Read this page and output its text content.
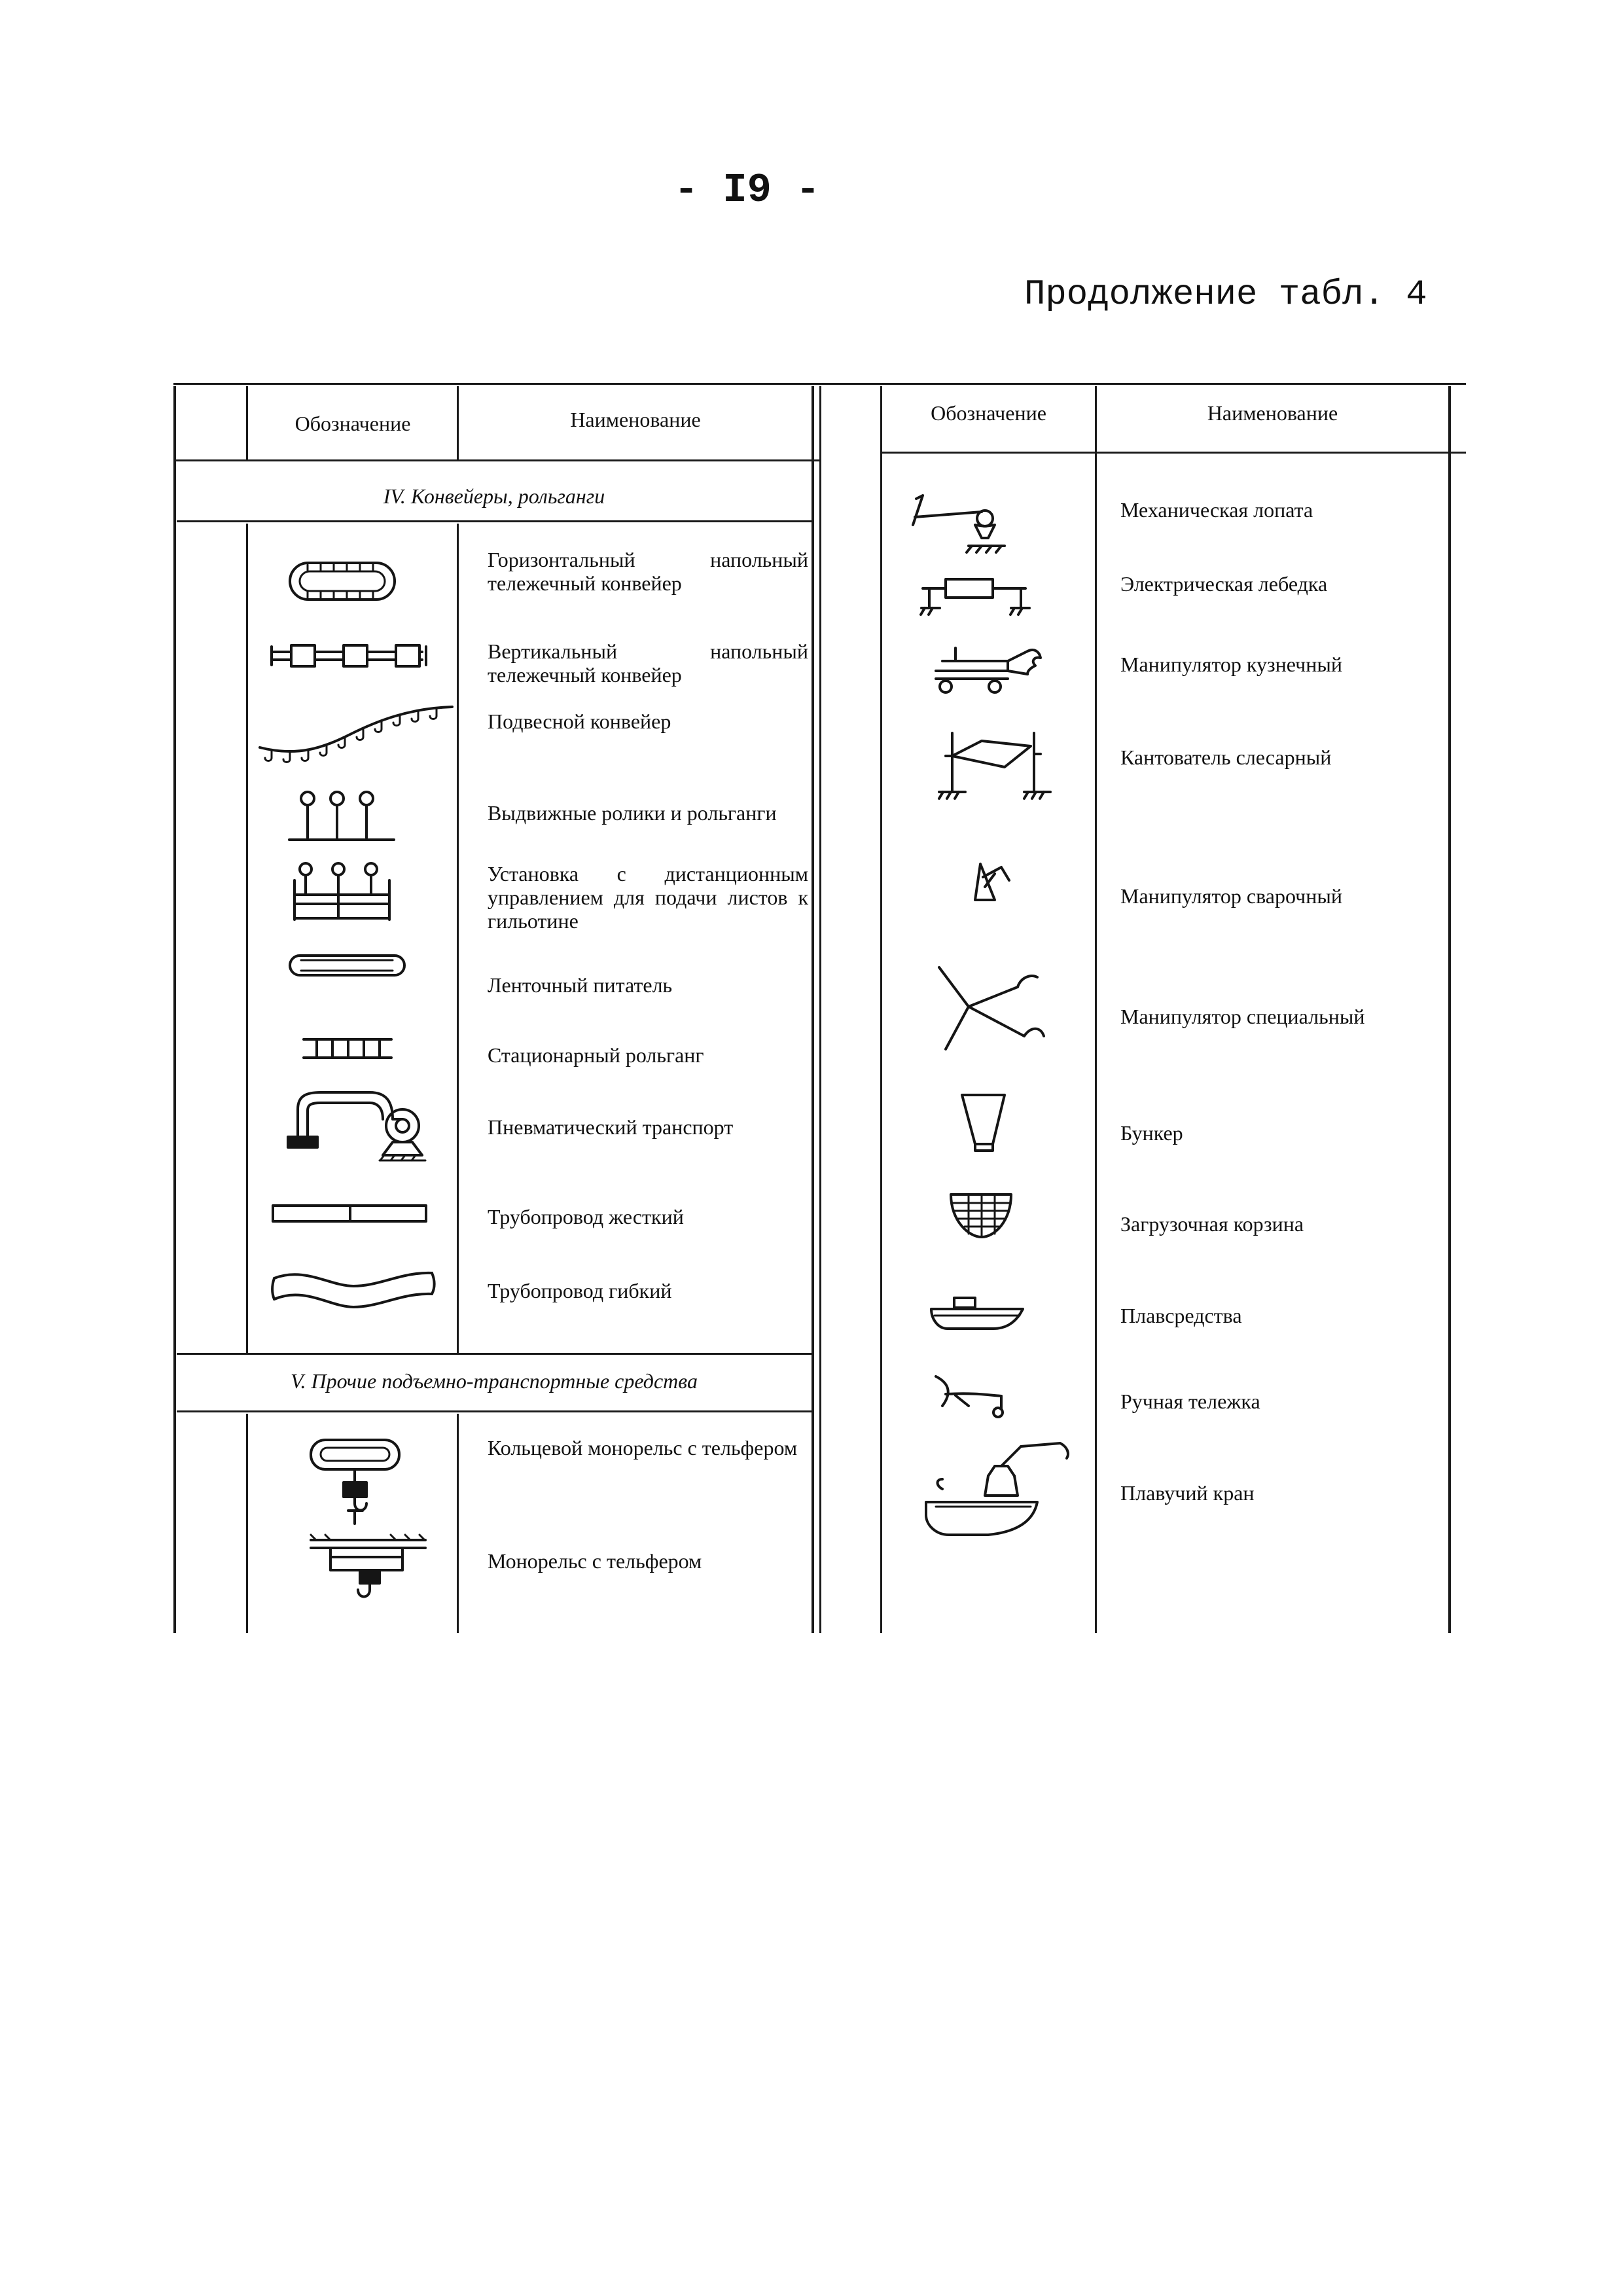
- I9 -
Продолжение табл. 4
Обозначение	Наименование	Обозначение	Наименование
IV. Конвейеры, рольганги
V. Прочие подъемно-транспортные средства
Горизонтальный напольный тележечный конвейер
Вертикальный напольный тележечный конвейер
Подвесной конвейер
Выдвижные ролики и рольганги
Установка с дистанционным управлением для подачи листов к гильотине
Ленточный питатель
Стационарный рольганг
Пневматический транспорт
Трубопровод жесткий
Трубопровод гибкий
Кольцевой монорельс с тельфером
Монорельс с тельфером
Механическая лопата
Электрическая лебедка
Манипулятор кузнечный
Кантователь слесарный
Манипулятор сварочный
Манипулятор специальный
Бункер
Загрузочная корзина
Плавсредства
Ручная тележка
Плавучий кран
